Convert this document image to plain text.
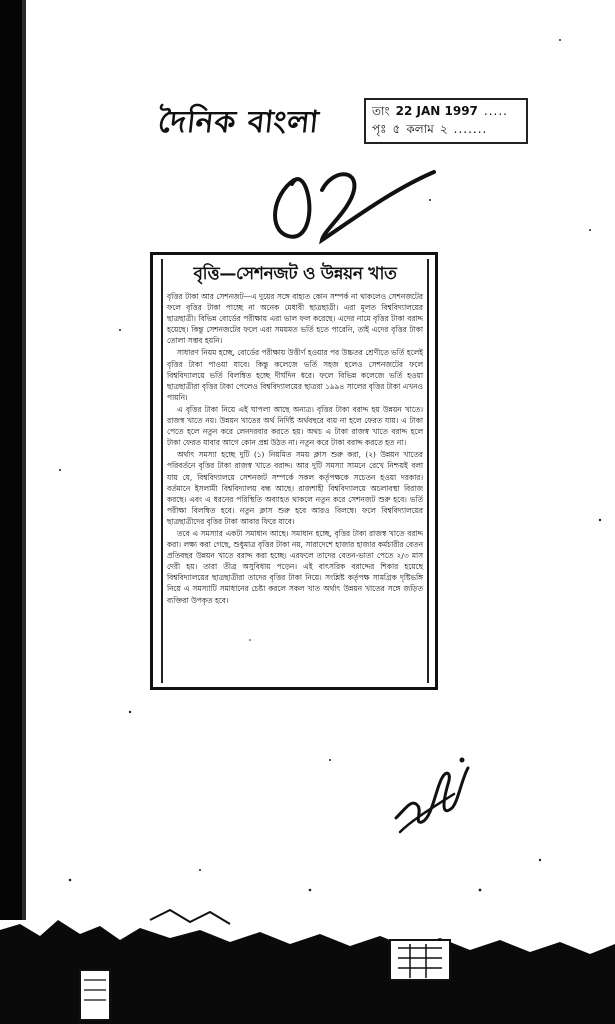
দৈনিক বাংলা	তাং 22 JAN 1997 .....
পৃঃ ৫ কলাম ২ .......
বৃত্তি—সেশনজট ও উন্নয়ন খাত

বৃত্তির টাকা আর সেশনজট—এ দুয়ের সঙ্গে বাহ্যত কোন সম্পর্ক না থাকলেও সেশনজটের ফলে বৃত্তির টাকা পাচ্ছে না অনেক মেধাবী ছাত্রছাত্রী। এরা মূলত বিশ্ববিদ্যালয়ের ছাত্রছাত্রী। বিভিন্ন বোর্ডের পরীক্ষায় এরা ভাল ফল করেছে। এদের নামে বৃত্তির টাকা বরাদ্দ হয়েছে। কিন্তু সেশনজটের ফলে এরা সময়মত ভর্তি হতে পারেনি, তাই এদের বৃত্তির টাকা তোলা সম্ভব হয়নি।

সাধারণ নিয়ম হচ্ছে, বোর্ডের পরীক্ষায় উত্তীর্ণ হওয়ার পর উচ্চতর শ্রেণীতে ভর্তি হলেই বৃত্তির টাকা পাওয়া যাবে। কিন্তু কলেজে ভর্তি সহজ হলেও সেশনজটের ফলে বিশ্ববিদ্যালয়ে ভর্তি বিলম্বিত হচ্ছে দীর্ঘদিন ধরে। ফলে বিভিন্ন কলেজে ভর্তি হওয়া ছাত্রছাত্রীরা বৃত্তির টাকা পেলেও বিশ্ববিদ্যালয়ের ছাত্ররা ১৯৯৪ সালের বৃত্তির টাকা এখনও পায়নি।

এ বৃত্তির টাকা নিয়ে এই ঘাপলা আছে অন্যত্র। বৃত্তির টাকা বরাদ্দ হয় উন্নয়ন খাতে। রাজস্ব খাতে নয়। উন্নয়ন খাতের অর্থ নির্দিষ্ট অর্থবছরে ব্যয় না হলে ফেরত যায়। এ টাকা পেতে হলে নতুন করে লেনদরবার করতে হয়। অথচ এ টাকা রাজস্ব খাতে বরাদ্দ হলে টাকা ফেরত যাবার আগে কোন প্রশ্ন উঠত না। নতুন করে টাকা বরাদ্দ করতে হত না।

অর্থাৎ সমস্যা হচ্ছে দুটি (১) নিয়মিত সময় ক্লাস শুরু করা, (২) উন্নয়ন খাতের পরিবর্তনে বৃত্তির টাকা রাজস্ব খাতে বরাদ্দ। আর দুটি সমস্যা সামনে রেখে নিশ্চয়ই বলা যায় যে, বিশ্ববিদ্যালয়ে সেশনজট সম্পর্কে সকল কর্তৃপক্ষকে সচেতন হওয়া দরকার। বর্তমানে ইসলামী বিশ্ববিদ্যালয় বন্ধ আছে। রাজশাহী বিশ্ববিদ্যালয়ে অচলাবস্থা বিরাজ করছে। এবং এ ধরনের পরিস্থিতি অব্যাহত থাকলে নতুন করে সেশনজট শুরু হবে। ভর্তি পরীক্ষা বিলম্বিত হবে। নতুন ক্লাস শুরু হবে আরও বিলম্বে। ফলে বিশ্ববিদ্যালয়ের ছাত্রছাত্রীদের বৃত্তির টাকা আবার ফিরে যাবে।

তবে এ সমস্যার একটা সমাধান আছে। সমাধান হচ্ছে, বৃত্তির টাকা রাজস্ব খাতে বরাদ্দ করা। লক্ষ্য করা গেছে, শুধুমাত্র বৃত্তির টাকা নয়, সারাদেশে হাজার হাজার কর্মচারীর বেতন প্রতিবছর উন্নয়ন খাতে বরাদ্দ করা হচ্ছে। এরফলে তাদের বেতন-ভাতা পেতে ২/৩ মাস দেরী হয়। তারা তীব্র অসুবিধায় পড়েন। এই বাৎসরিক বরাদ্দের শিকার হয়েছে বিশ্ববিদ্যালয়ের ছাত্রছাত্রীরা তাদের বৃত্তির টাকা নিয়ে। সংশ্লিষ্ট কর্তৃপক্ষ সামগ্রিক দৃষ্টিভঙ্গি নিয়ে এ সমস্যাটি সমাধানের চেষ্টা করলে সকল খাত অর্থাৎ উন্নয়ন খাতের সঙ্গে জড়িত ব্যক্তিরা উপকৃত হবে।
